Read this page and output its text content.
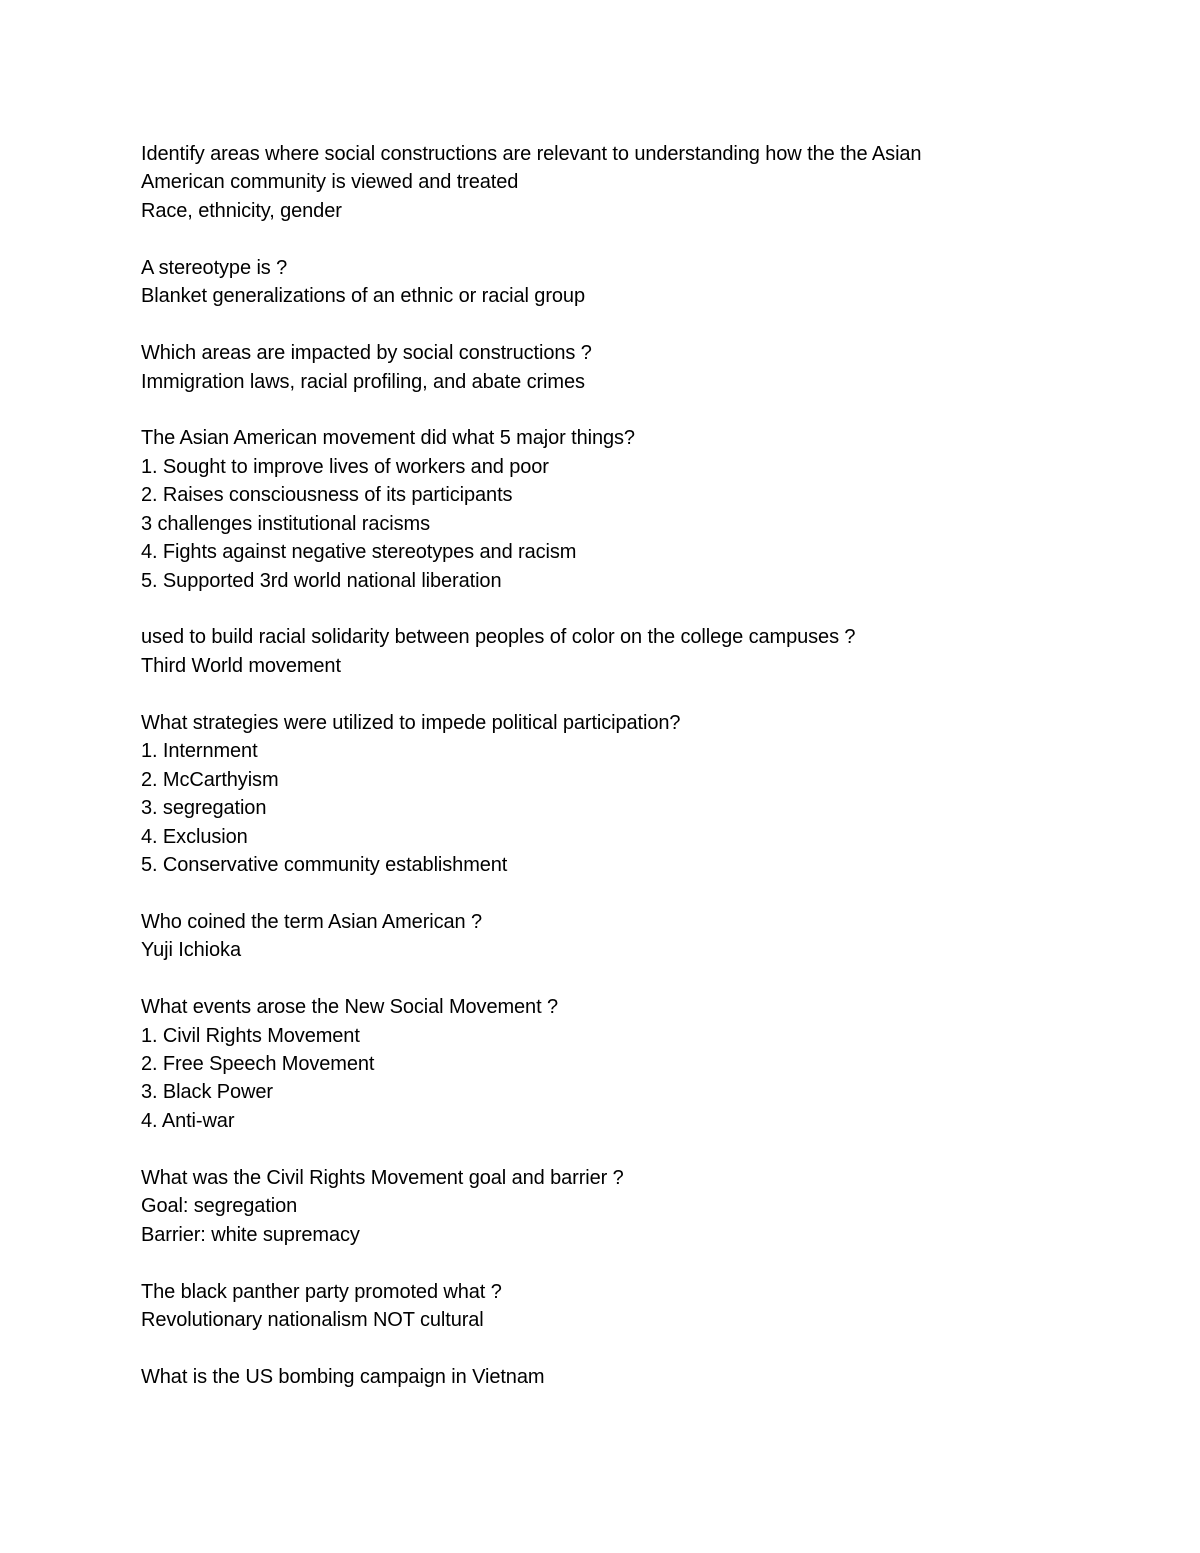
Identify areas where social constructions are relevant to understanding how the the Asian
American community is viewed and treated
Race, ethnicity, gender
A stereotype is ?
Blanket generalizations of an ethnic or racial group
Which areas are impacted by social constructions ?
Immigration laws, racial profiling, and abate crimes
The Asian American movement did what 5 major things?
1. Sought to improve lives of workers and poor
2. Raises consciousness of its participants
3 challenges institutional racisms
4. Fights against negative stereotypes and racism
5. Supported 3rd world national liberation
used to build racial solidarity between peoples of color on the college campuses ?
Third World movement
What strategies were utilized to impede political participation?
1. Internment
2. McCarthyism
3. segregation
4. Exclusion
5. Conservative community establishment
Who coined the term Asian American ?
Yuji Ichioka
What events arose the New Social Movement ?
1. Civil Rights Movement
2. Free Speech Movement
3. Black Power
4. Anti-war
What was the Civil Rights Movement goal and barrier ?
Goal: segregation
Barrier: white supremacy
The black panther party promoted what ?
Revolutionary nationalism NOT cultural
What is the US bombing campaign in Vietnam
